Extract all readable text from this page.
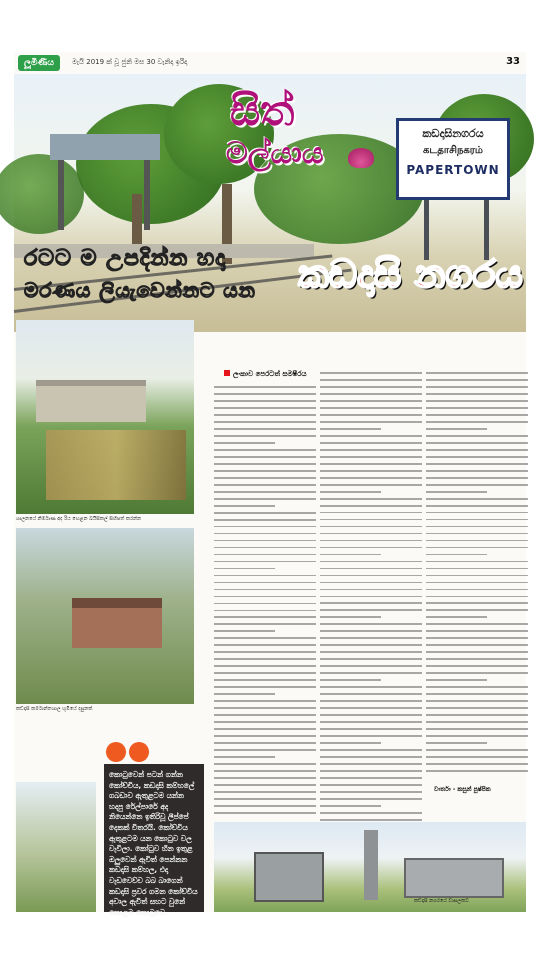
ලූමිණිය	මැයි 2019 ක් වූ ජුනි මස 30 වැනිදා ඉරිදා	33
සිත්
මල්යාය
කඩදාසිනගරය
கடதாசிநகரம்
PAPERTOWN
රටට ම උපදින්න හදා
මරණය ලියැවෙන්නට යන කඩදාසි නගරය
ශාලනයේ නිර්මාණ අද රිය හෙළන බයිසිකල් සිහිපත් කරන්න
කඩදාසි කර්මාන්තශාල භූමියේ දසුනක්
කොටුවෙන් පටන් ගන්න කෝච්චිය, කඩදාසි කම්හලේ ගබඩාව ඇතුළටම යන්න හදපු රේල්පාරේ අද නියෙන්නෙ ඉතිරිවූ ලීප්පේ දෙකක් විතරයි. කෝච්චිය ඇතුළටම යන කොටුව වල වැවිලා. කෝටුව හින ඉතුළ ඔලුවෙන් ඇවිත් පෙන්නන කඩදාසි කම්හල, එදා වැඩවෙච්ච බබ බාගෙන් කඩදාසි ප්‍රවර ගමන කෝච්චිය අවාල ඇවිත් සහට වුනේ කොළම කොටුවෙ.
ලංකාව පෙරටත් සමෂීරය
වාර්තා - කසුන් පුෂ්පික
කඩදාසි නගරයේ වාසලකට
